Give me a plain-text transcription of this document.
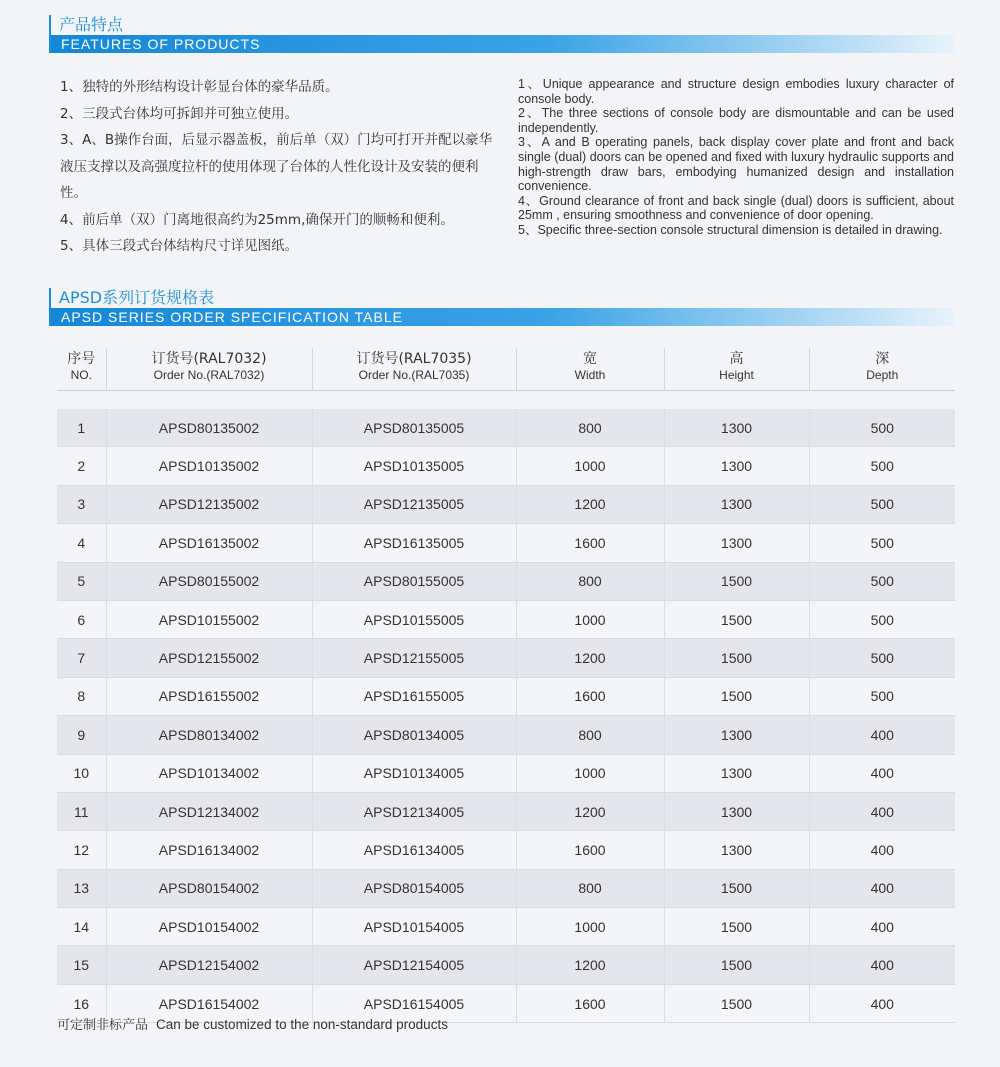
产品特点
FEATURES OF PRODUCTS

1、独特的外形结构设计彰显台体的豪华品质。

2、三段式台体均可拆卸并可独立使用。

3、A、B操作台面，后显示器盖板，前后单（双）门均可打开并配以豪华液压支撑以及高强度拉杆的使用体现了台体的人性化设计及安装的便利性。

4、前后单（双）门离地很高约为25mm,确保开门的顺畅和便利。

5、具体三段式台体结构尺寸详见图纸。

1、Unique appearance and structure design embodies luxury character of console body.

2、The three sections of console body are dismountable and can be used independently.

3、A and B operating panels, back display cover plate and front and back single (dual) doors can be opened and fixed with luxury hydraulic supports and high-strength draw bars, embodying humanized design and installation convenience.

4、Ground clearance of front and back single (dual) doors is sufficient, about 25mm , ensuring smoothness and convenience of door opening.

5、Specific three-section console structural dimension is detailed in drawing.

APSD系列订货规格表
APSD SERIES ORDER SPECIFICATION TABLE
序号	订货号(RAL7032)	订货号(RAL7035)	宽	高	深
NO.	Order No.(RAL7032)	Order No.(RAL7035)	Width	Height	Depth

1	APSD80135002	APSD80135005	800	1300	500
2	APSD10135002	APSD10135005	1000	1300	500
3	APSD12135002	APSD12135005	1200	1300	500
4	APSD16135002	APSD16135005	1600	1300	500
5	APSD80155002	APSD80155005	800	1500	500
6	APSD10155002	APSD10155005	1000	1500	500
7	APSD12155002	APSD12155005	1200	1500	500
8	APSD16155002	APSD16155005	1600	1500	500
9	APSD80134002	APSD80134005	800	1300	400
10	APSD10134002	APSD10134005	1000	1300	400
11	APSD12134002	APSD12134005	1200	1300	400
12	APSD16134002	APSD16134005	1600	1300	400
13	APSD80154002	APSD80154005	800	1500	400
14	APSD10154002	APSD10154005	1000	1500	400
15	APSD12154002	APSD12154005	1200	1500	400
16	APSD16154002	APSD16154005	1600	1500	400
可定制非标产品 Can be customized to the non-standard products
